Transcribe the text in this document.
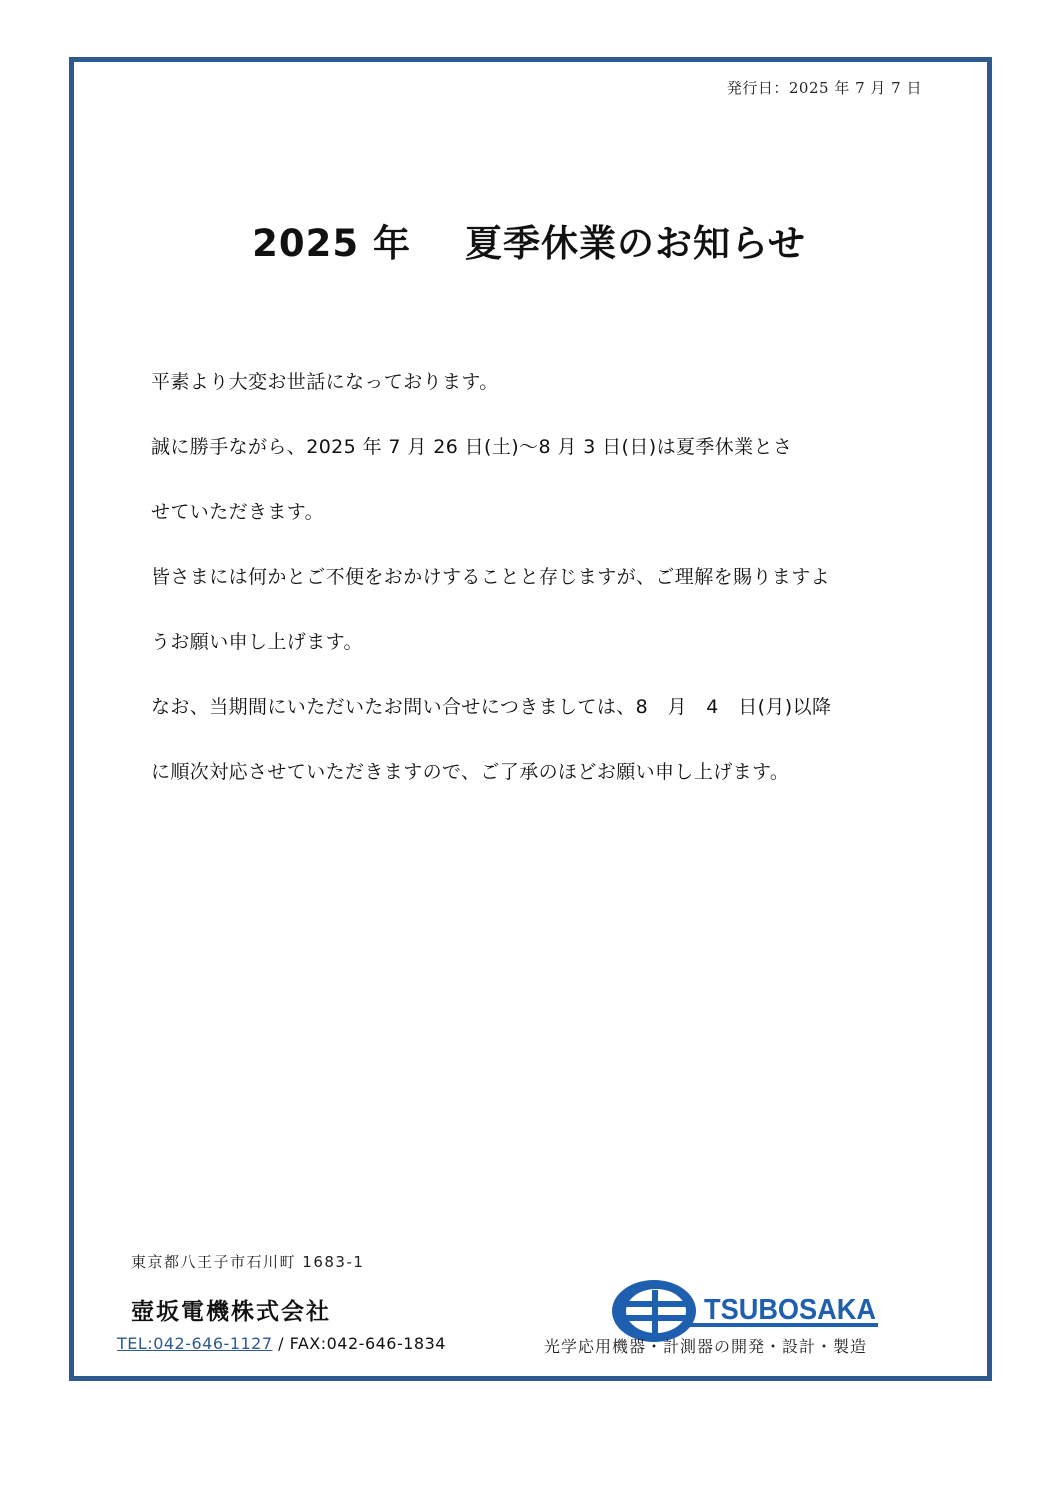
発行日：2025 年 7 月 7 日
2025 年 夏季休業のお知らせ

平素より大変お世話になっております。

誠に勝手ながら、2025 年 7 月 26 日(土)～8 月 3 日(日)は夏季休業とさ

せていただきます。

皆さまには何かとご不便をおかけすることと存じますが、ご理解を賜りますよ

うお願い申し上げます。

なお、当期間にいただいたお問い合せにつきましては、8　月　4　日(月)以降

に順次対応させていただきますので、ご了承のほどお願い申し上げます。

東京都八王子市石川町 1683-1
壺坂電機株式会社	TSUBOSAKA
TEL:042-646-1127 / FAX:042-646-1834	光学応用機器・計測器の開発・設計・製造
